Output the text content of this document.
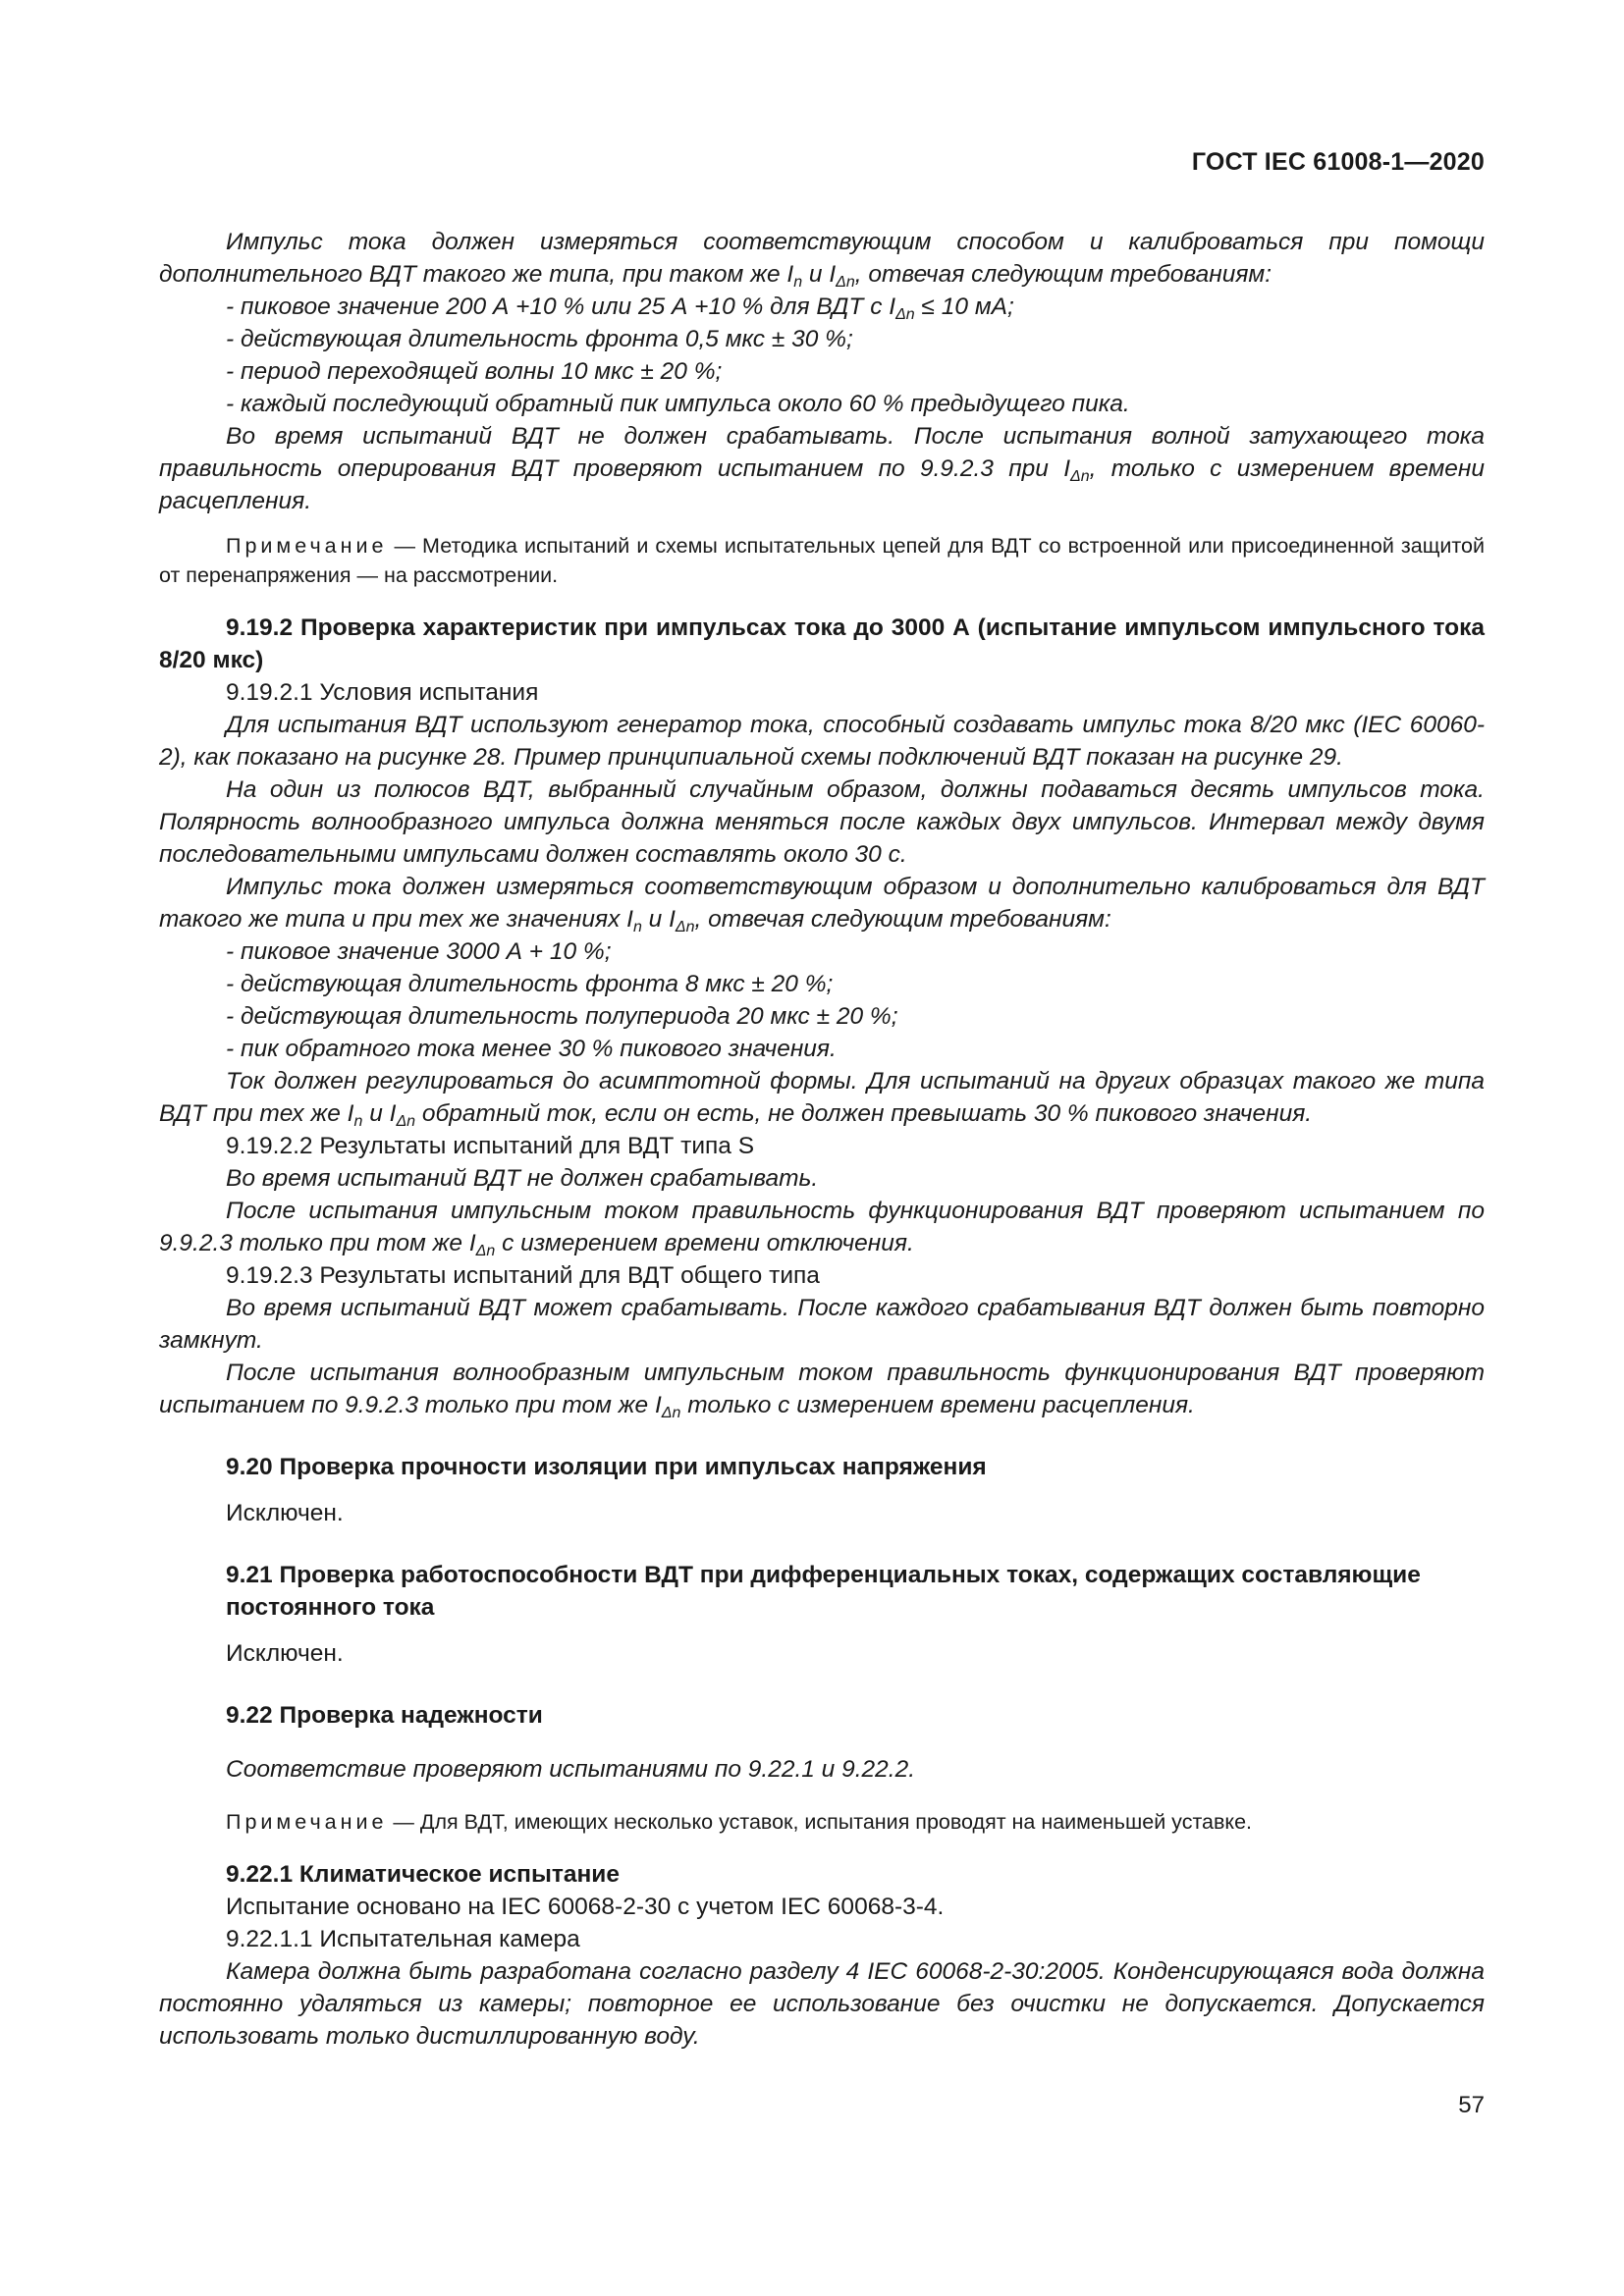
ГОСТ IEC 61008-1—2020

Импульс тока должен измеряться соответствующим способом и калиброваться при помощи дополнительного ВДТ такого же типа, при таком же $I_n$ и $I_{\Delta n}$, отвечая следующим требованиям:

- пиковое значение 200 А +10 % или 25 А +10 % для ВДТ с $I_{\Delta n} \le 10$ мА;

- действующая длительность фронта 0,5 мкс ± 30 %;

- период переходящей волны 10 мкс ± 20 %;

- каждый последующий обратный пик импульса около 60 % предыдущего пика.

Во время испытаний ВДТ не должен срабатывать. После испытания волной затухающего тока правильность оперирования ВДТ проверяют испытанием по 9.9.2.3 при $I_{\Delta n}$, только с измерением времени расцепления.

Примечание — Методика испытаний и схемы испытательных цепей для ВДТ со встроенной или присоединенной защитой от перенапряжения — на рассмотрении.

9.19.2 Проверка характеристик при импульсах тока до 3000 А (испытание импульсом импульсного тока 8/20 мкс)

9.19.2.1 Условия испытания

Для испытания ВДТ используют генератор тока, способный создавать импульс тока 8/20 мкс (IEC 60060-2), как показано на рисунке 28. Пример принципиальной схемы подключений ВДТ показан на рисунке 29.

На один из полюсов ВДТ, выбранный случайным образом, должны подаваться десять импульсов тока. Полярность волнообразного импульса должна меняться после каждых двух импульсов. Интервал между двумя последовательными импульсами должен составлять около 30 с.

Импульс тока должен измеряться соответствующим образом и дополнительно калиброваться для ВДТ такого же типа и при тех же значениях $I_n$ и $I_{\Delta n}$, отвечая следующим требованиям:

- пиковое значение 3000 А + 10 %;

- действующая длительность фронта 8 мкс ± 20 %;

- действующая длительность полупериода 20 мкс ± 20 %;

- пик обратного тока менее 30 % пикового значения.

Ток должен регулироваться до асимптотной формы. Для испытаний на других образцах такого же типа ВДТ при тех же $I_n$ и $I_{\Delta n}$ обратный ток, если он есть, не должен превышать 30 % пикового значения.

9.19.2.2 Результаты испытаний для ВДТ типа S

Во время испытаний ВДТ не должен срабатывать.

После испытания импульсным током правильность функционирования ВДТ проверяют испытанием по 9.9.2.3 только при том же $I_{\Delta n}$ с измерением времени отключения.

9.19.2.3 Результаты испытаний для ВДТ общего типа

Во время испытаний ВДТ может срабатывать. После каждого срабатывания ВДТ должен быть повторно замкнут.

После испытания волнообразным импульсным током правильность функционирования ВДТ проверяют испытанием по 9.9.2.3 только при том же $I_{\Delta n}$ только с измерением времени расцепления.

9.20 Проверка прочности изоляции при импульсах напряжения

Исключен.

9.21 Проверка работоспособности ВДТ при дифференциальных токах, содержащих составляющие постоянного тока

Исключен.

9.22 Проверка надежности

Соответствие проверяют испытаниями по 9.22.1 и 9.22.2.

Примечание — Для ВДТ, имеющих несколько уставок, испытания проводят на наименьшей уставке.

9.22.1 Климатическое испытание

Испытание основано на IEC 60068-2-30 с учетом IEC 60068-3-4.

9.22.1.1 Испытательная камера

Камера должна быть разработана согласно разделу 4 IEC 60068-2-30:2005. Конденсирующаяся вода должна постоянно удаляться из камеры; повторное ее использование без очистки не допускается. Допускается использовать только дистиллированную воду.

57
